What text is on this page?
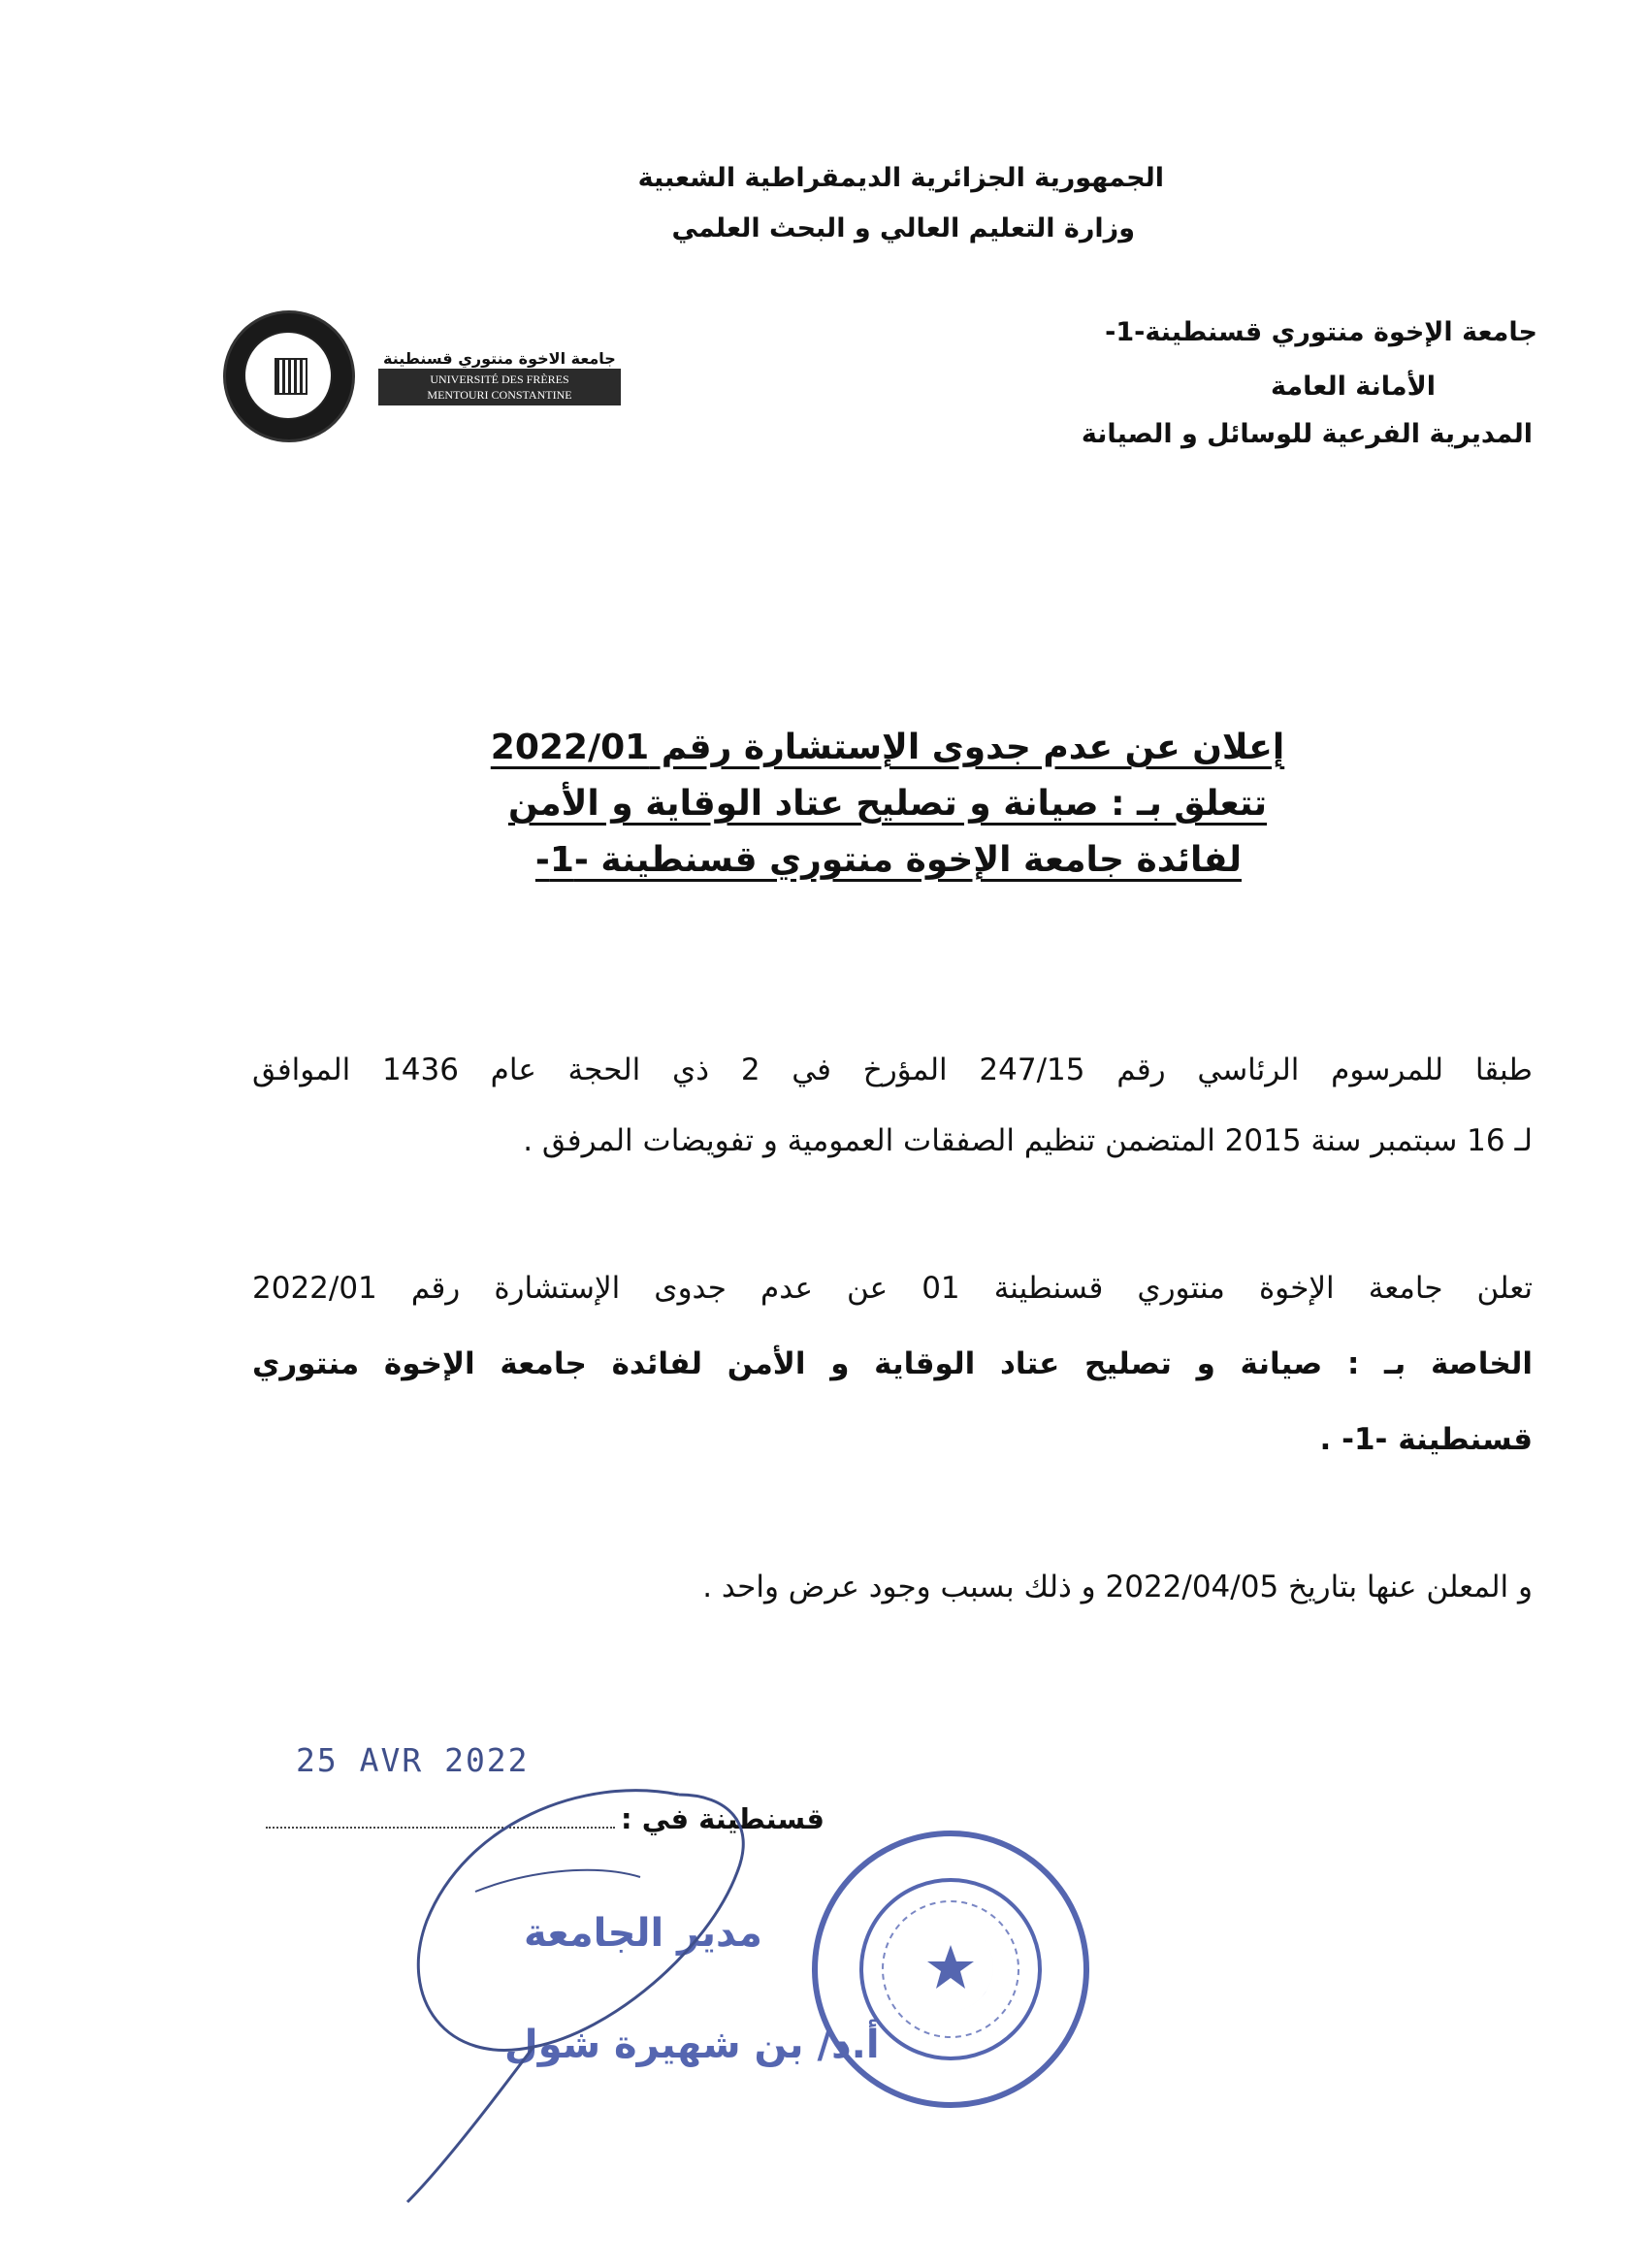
الجمهورية الجزائرية الديمقراطية الشعبية
وزارة التعليم العالي و البحث العلمي
جامعة الإخوة منتوري قسنطينة-1-
الأمانة العامة
المديرية الفرعية للوسائل و الصيانة
جامعة الاخوة منتوري قسنطينة
UNIVERSITÉ DES FRÈRES
MENTOURI CONSTANTINE
إعلان عن عدم جدوى الإستشارة رقم 2022/01
تتعلق بـ : صيانة و تصليح عتاد الوقاية و الأمن
لفائدة جامعة الإخوة منتوري قسنطينة -1-
طبقا للمرسوم الرئاسي رقم 247/15 المؤرخ في 2 ذي الحجة عام 1436 الموافق
لـ 16 سبتمبر سنة 2015 المتضمن تنظيم الصفقات العمومية و تفويضات المرفق .
تعلن جامعة الإخوة منتوري قسنطينة 01 عن عدم جدوى الإستشارة رقم 2022/01
الخاصة بـ : صيانة و تصليح عتاد الوقاية و الأمن لفائدة جامعة الإخوة منتوري
قسنطينة -1- .
و المعلن عنها بتاريخ 2022/04/05 و ذلك بسبب وجود عرض واحد .
25 AVR 2022
قسنطينة في :
مدير الجامعة
أ.د/ بن شهيرة شول
